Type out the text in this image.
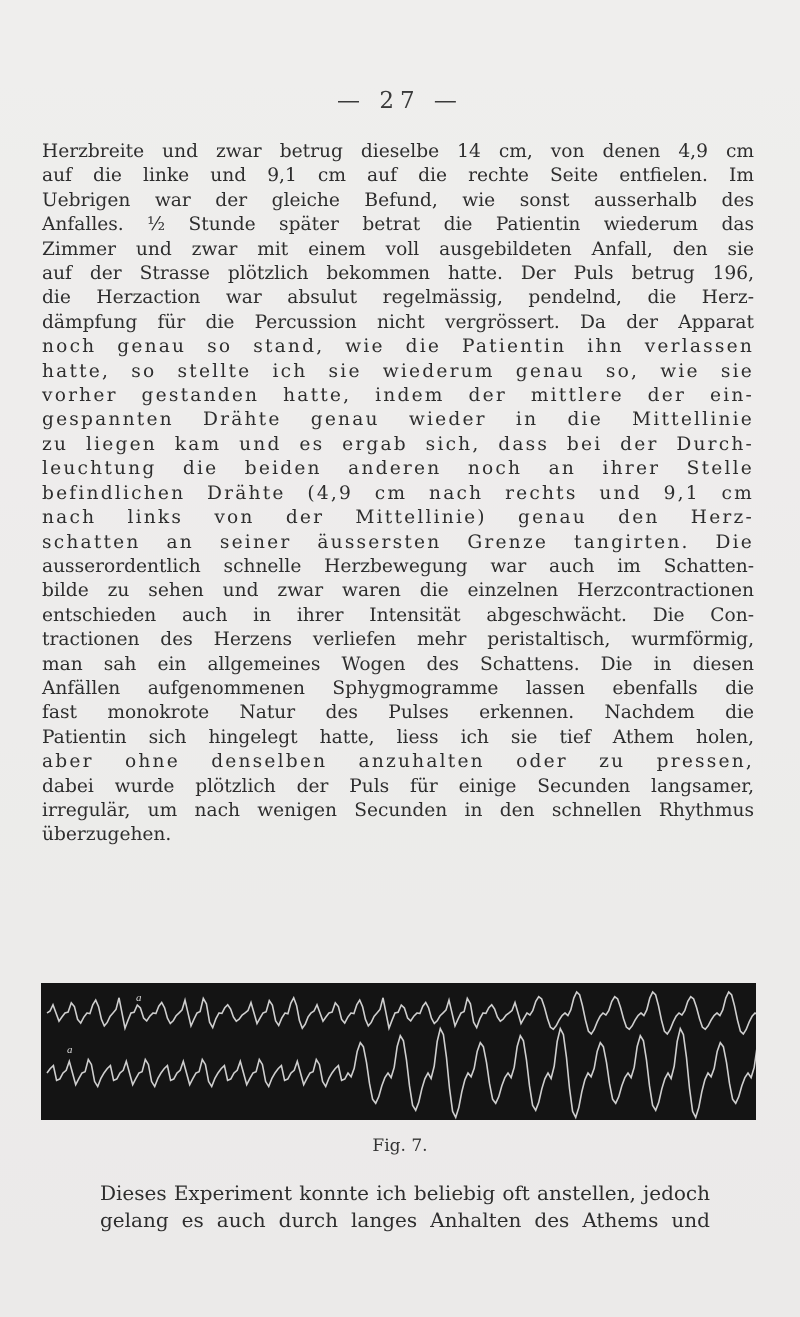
— 27 —
Herzbreite und zwar betrug dieselbe 14 cm, von denen 4,9 cm
auf die linke und 9,1 cm auf die rechte Seite entfielen. Im
Uebrigen war der gleiche Befund, wie sonst ausserhalb des
Anfalles. ½ Stunde später betrat die Patientin wiederum das
Zimmer und zwar mit einem voll ausgebildeten Anfall, den sie
auf der Strasse plötzlich bekommen hatte. Der Puls betrug 196,
die Herzaction war absulut regelmässig, pendelnd, die Herz-
dämpfung für die Percussion nicht vergrössert. Da der Apparat
noch genau so stand, wie die Patientin ihn verlassen
hatte, so stellte ich sie wiederum genau so, wie sie
vorher gestanden hatte, indem der mittlere der ein-
gespannten Drähte genau wieder in die Mittellinie
zu liegen kam und es ergab sich, dass bei der Durch-
leuchtung die beiden anderen noch an ihrer Stelle
befindlichen Drähte (4,9 cm nach rechts und 9,1 cm
nach links von der Mittellinie) genau den Herz-
schatten an seiner äussersten Grenze tangirten. Die
ausserordentlich schnelle Herzbewegung war auch im Schatten-
bilde zu sehen und zwar waren die einzelnen Herzcontractionen
entschieden auch in ihrer Intensität abgeschwächt. Die Con-
tractionen des Herzens verliefen mehr peristaltisch, wurmförmig,
man sah ein allgemeines Wogen des Schattens. Die in diesen
Anfällen aufgenommenen Sphygmogramme lassen ebenfalls die
fast monokrote Natur des Pulses erkennen. Nachdem die
Patientin sich hingelegt hatte, liess ich sie tief Athem holen,
aber ohne denselben anzuhalten oder zu pressen,
dabei wurde plötzlich der Puls für einige Secunden langsamer,
irregulär, um nach wenigen Secunden in den schnellen Rhythmus
überzugehen.
a
a
Fig. 7.
Dieses Experiment konnte ich beliebig oft anstellen, jedoch
gelang es auch durch langes Anhalten des Athems und
